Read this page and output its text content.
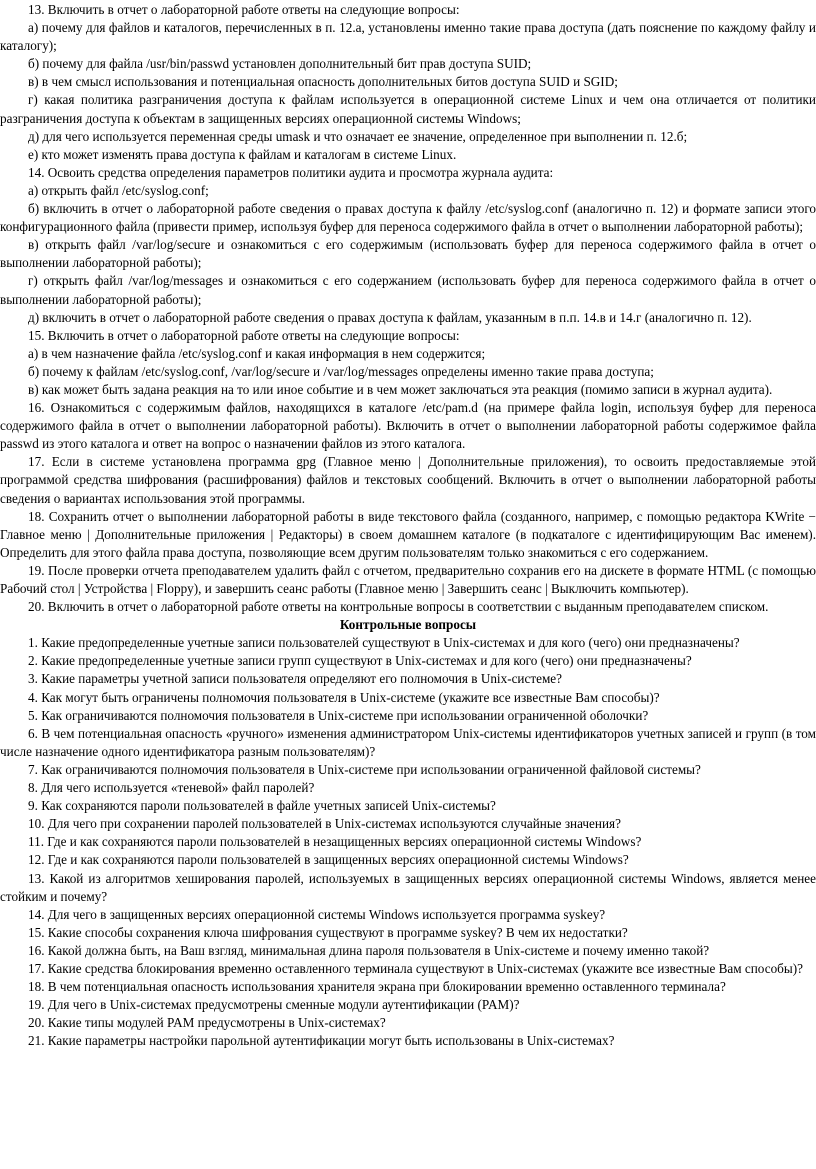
13. Включить в отчет о лабораторной работе ответы на следующие вопросы:

а) почему для файлов и каталогов, перечисленных в п. 12.а, установлены именно такие права доступа (дать пояснение по каждому файлу и каталогу);

б) почему для файла /usr/bin/passwd установлен дополнительный бит прав доступа SUID;

в) в чем смысл использования и потенциальная опасность дополнительных битов доступа SUID и SGID;

г) какая политика разграничения доступа к файлам используется в операционной системе Linux и чем она отличается от политики разграничения доступа к объектам в защищенных версиях операционной системы Windows;

д) для чего используется переменная среды umask и что означает ее значение, определенное при выполнении п. 12.б;

е) кто может изменять права доступа к файлам и каталогам в системе Linux.

14. Освоить средства определения параметров политики аудита и просмотра журнала аудита:

а) открыть файл /etc/syslog.conf;

б) включить в отчет о лабораторной работе сведения о правах доступа к файлу /etc/syslog.conf (аналогично п. 12) и формате записи этого конфигурационного файла (привести пример, используя буфер для переноса содержимого файла в отчет о выполнении лабораторной работы);

в) открыть файл /var/log/secure и ознакомиться с его содержимым (использовать буфер для переноса содержимого файла в отчет о выполнении лабораторной работы);

г) открыть файл /var/log/messages и ознакомиться с его содержанием (использовать буфер для переноса содержимого файла в отчет о выполнении лабораторной работы);

д) включить в отчет о лабораторной работе сведения о правах доступа к файлам, указанным в п.п. 14.в и 14.г (аналогично п. 12).

15. Включить в отчет о лабораторной работе ответы на следующие вопросы:

а) в чем назначение файла /etc/syslog.conf и какая информация в нем содержится;

б) почему к файлам /etc/syslog.conf, /var/log/secure и /var/log/messages определены именно такие права доступа;

в) как может быть задана реакция на то или иное событие и в чем может заключаться эта реакция (помимо записи в журнал аудита).

16. Ознакомиться с содержимым файлов, находящихся в каталоге /etc/pam.d (на примере файла login, используя буфер для переноса содержимого файла в отчет о выполнении лабораторной работы). Включить в отчет о выполнении лабораторной работы содержимое файла passwd из этого каталога и ответ на вопрос о назначении файлов из этого каталога.

17. Если в системе установлена программа gpg (Главное меню | Дополнительные приложения), то освоить предоставляемые этой программой средства шифрования (расшифрования) файлов и текстовых сообщений. Включить в отчет о выполнении лабораторной работы сведения о вариантах использования этой программы.

18. Сохранить отчет о выполнении лабораторной работы в виде текстового файла (созданного, например, с помощью редактора KWrite − Главное меню | Дополнительные приложения | Редакторы) в своем домашнем каталоге (в подкаталоге с идентифицирующим Вас именем). Определить для этого файла права доступа, позволяющие всем другим пользователям только знакомиться с его содержанием.

19. После проверки отчета преподавателем удалить файл с отчетом, предварительно сохранив его на дискете в формате HTML (с помощью Рабочий стол | Устройства | Floppy), и завершить сеанс работы (Главное меню | Завершить сеанс | Выключить компьютер).

20. Включить в отчет о лабораторной работе ответы на контрольные вопросы в соответствии с выданным преподавателем списком.

Контрольные вопросы

1. Какие предопределенные учетные записи пользователей существуют в Unix-системах и для кого (чего) они предназначены?

2. Какие предопределенные учетные записи групп существуют в Unix-системах и для кого (чего) они предназначены?

3. Какие параметры учетной записи пользователя определяют его полномочия в Unix-системе?

4. Как могут быть ограничены полномочия пользователя в Unix-системе (укажите все известные Вам способы)?

5. Как ограничиваются полномочия пользователя в Unix-системе при использовании ограниченной оболочки?

6. В чем потенциальная опасность «ручного» изменения администратором Unix-системы идентификаторов учетных записей и групп (в том числе назначение одного идентификатора разным пользователям)?

7. Как ограничиваются полномочия пользователя в Unix-системе при использовании ограниченной файловой системы?

8. Для чего используется «теневой» файл паролей?

9. Как сохраняются пароли пользователей в файле учетных записей Unix-системы?

10. Для чего при сохранении паролей пользователей в Unix-системах используются случайные значения?

11. Где и как сохраняются пароли пользователей в незащищенных версиях операционной системы Windows?

12. Где и как сохраняются пароли пользователей в защищенных версиях операционной системы Windows?

13. Какой из алгоритмов хеширования паролей, используемых в защищенных версиях операционной системы Windows, является менее стойким и почему?

14. Для чего в защищенных версиях операционной системы Windows используется программа syskey?

15. Какие способы сохранения ключа шифрования существуют в программе syskey? В чем их недостатки?

16. Какой должна быть, на Ваш взгляд, минимальная длина пароля пользователя в Unix-системе и почему именно такой?

17. Какие средства блокирования временно оставленного терминала существуют в Unix-системах (укажите все известные Вам способы)?

18. В чем потенциальная опасность использования хранителя экрана при блокировании временно оставленного терминала?

19. Для чего в Unix-системах предусмотрены сменные модули аутентификации (PAM)?

20. Какие типы модулей PAM предусмотрены в Unix-системах?

21. Какие параметры настройки парольной аутентификации могут быть использованы в Unix-системах?
